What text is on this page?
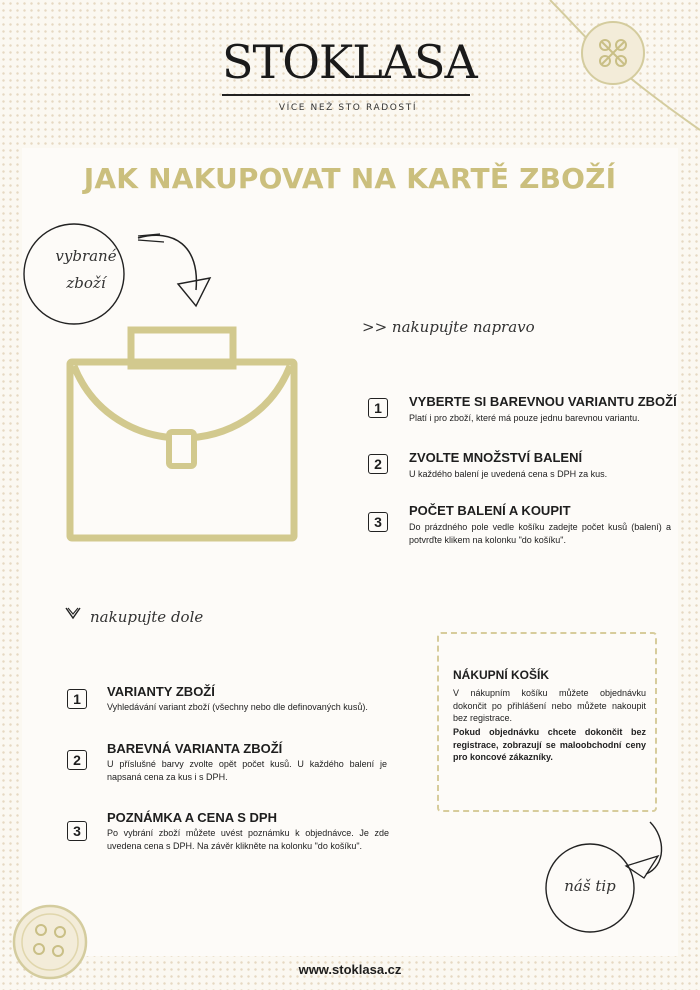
STOKLASA
VÍCE NEŽ STO RADOSTÍ
JAK NAKUPOVAT NA KARTĚ ZBOŽÍ
vybrané
zboží
>> nakupujte napravo
1	VYBERTE SI BAREVNOU VARIANTU ZBOŽÍ
Platí i pro zboží, které má pouze jednu barevnou variantu.
2	ZVOLTE MNOŽSTVÍ BALENÍ
U každého balení je uvedená cena s DPH za kus.
3
POČET BALENÍ A KOUPIT
Do prázdného pole vedle košíku zadejte počet kusů (balení) a potvrďte klikem na kolonku "do košíku".
nakupujte dole
1	VARIANTY ZBOŽÍ
Vyhledávání variant zboží (všechny nebo dle definovaných kusů).
2
BAREVNÁ VARIANTA ZBOŽÍ
U příslušné barvy zvolte opět počet kusů. U každého balení je napsaná cena za kus i s DPH.
3
POZNÁMKA A CENA S DPH
Po vybrání zboží můžete uvést poznámku k objednávce. Je zde uvedena cena s DPH. Na závěr klikněte na kolonku "do košíku".
NÁKUPNÍ KOŠÍK
V nákupním košíku můžete objednávku dokončit po přihlášení nebo můžete nakoupit bez registrace.
Pokud objednávku chcete dokončit bez registrace, zobrazují se maloobchodní ceny pro koncové zákazníky.
náš tip
www.stoklasa.cz
